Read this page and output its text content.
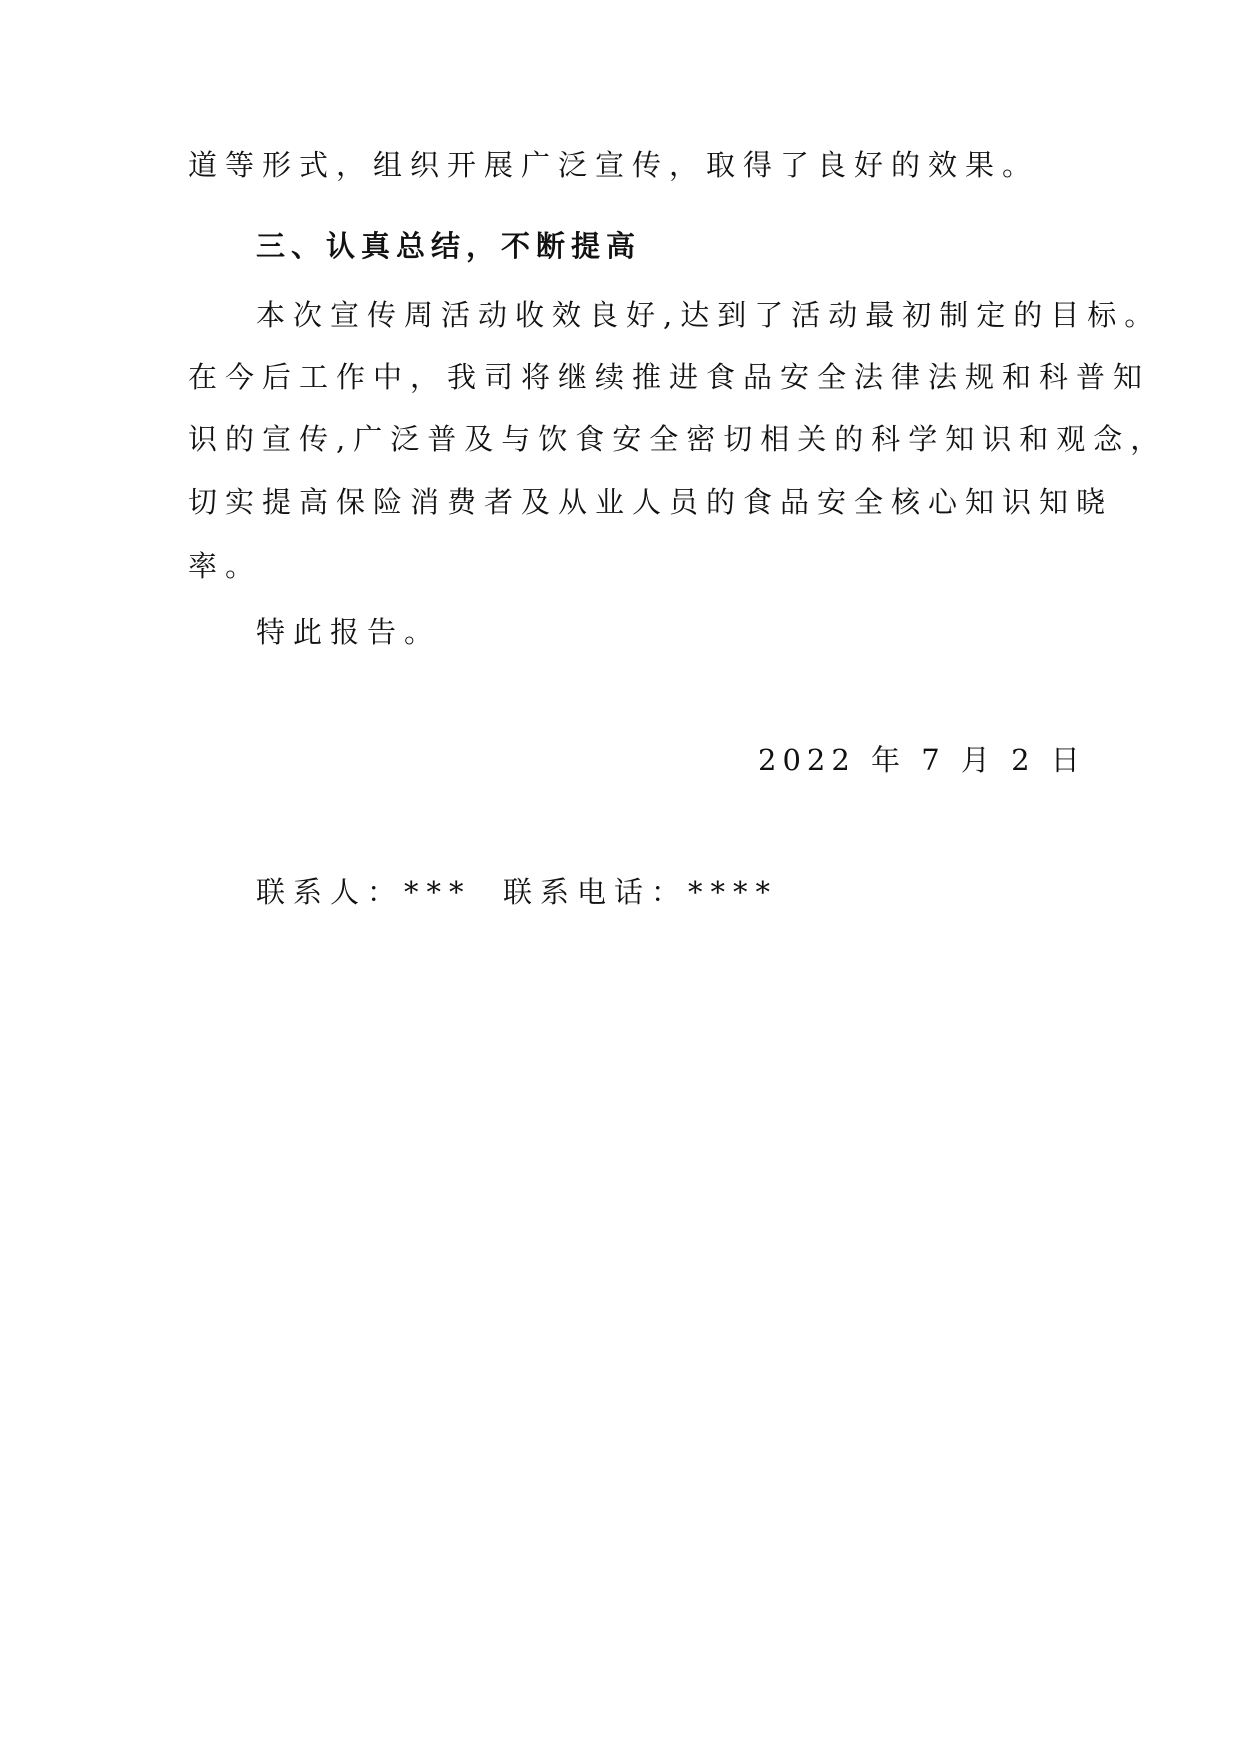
道等形式，组织开展广泛宣传，取得了良好的效果。
三、认真总结，不断提高
本次宣传周活动收效良好,达到了活动最初制定的目标。
在今后工作中，我司将继续推进食品安全法律法规和科普知
识的宣传,广泛普及与饮食安全密切相关的科学知识和观念，
切实提高保险消费者及从业人员的食品安全核心知识知晓
率。
特此报告。
2022 年 7 月 2 日
联系人：*** 联系电话：****
